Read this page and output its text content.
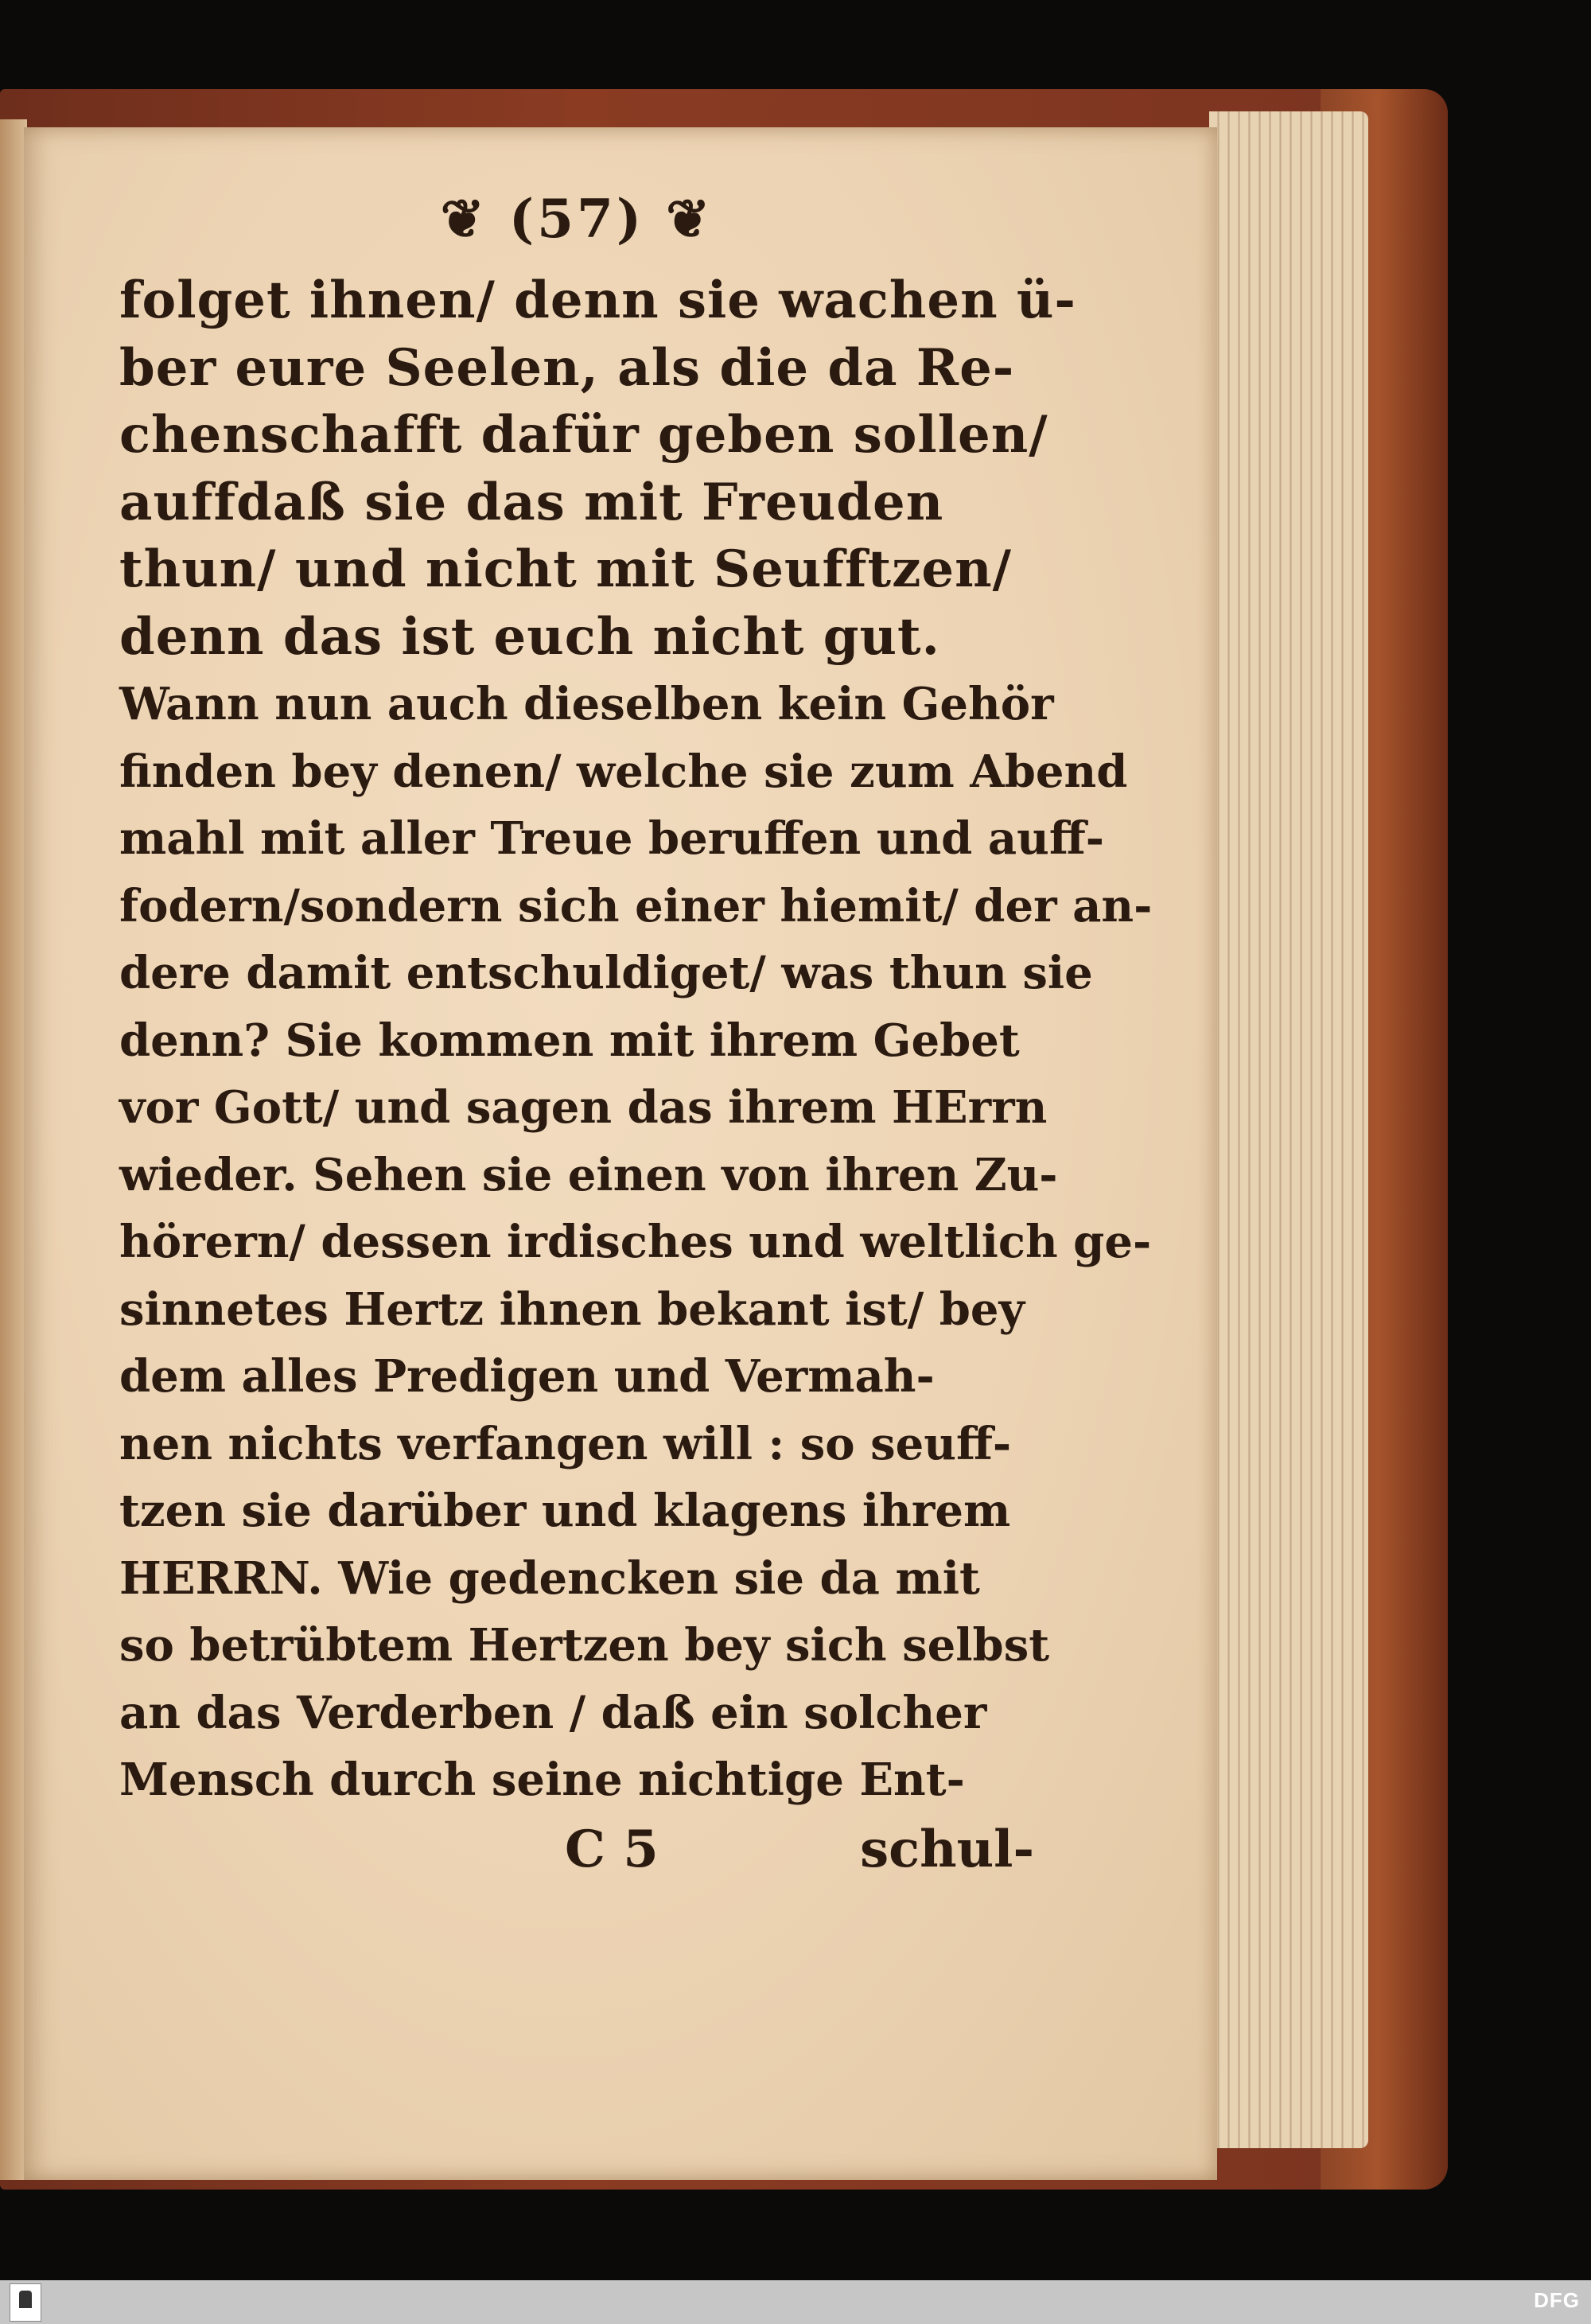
❦ (57) ❦
folget ihnen/ denn sie wachen ü-
ber eure Seelen, als die da Re-
chenschafft dafür geben sollen/
auffdaß sie das mit Freuden
thun/ und nicht mit Seufftzen/
denn das ist euch nicht gut.
Wann nun auch dieselben kein Gehör
finden bey denen/ welche sie zum Abend
mahl mit aller Treue beruffen und auff-
fodern/sondern sich einer hiemit/ der an-
dere damit entschuldiget/ was thun sie
denn? Sie kommen mit ihrem Gebet
vor Gott/ und sagen das ihrem HErrn
wieder. Sehen sie einen von ihren Zu-
hörern/ dessen irdisches und weltlich ge-
sinnetes Hertz ihnen bekant ist/ bey
dem alles Predigen und Vermah-
nen nichts verfangen will : so seuff-
tzen sie darüber und klagens ihrem
HERRN. Wie gedencken sie da mit
so betrübtem Hertzen bey sich selbst
an das Verderben / daß ein solcher
Mensch durch seine nichtige Ent-
C 5	schul-
DFG
